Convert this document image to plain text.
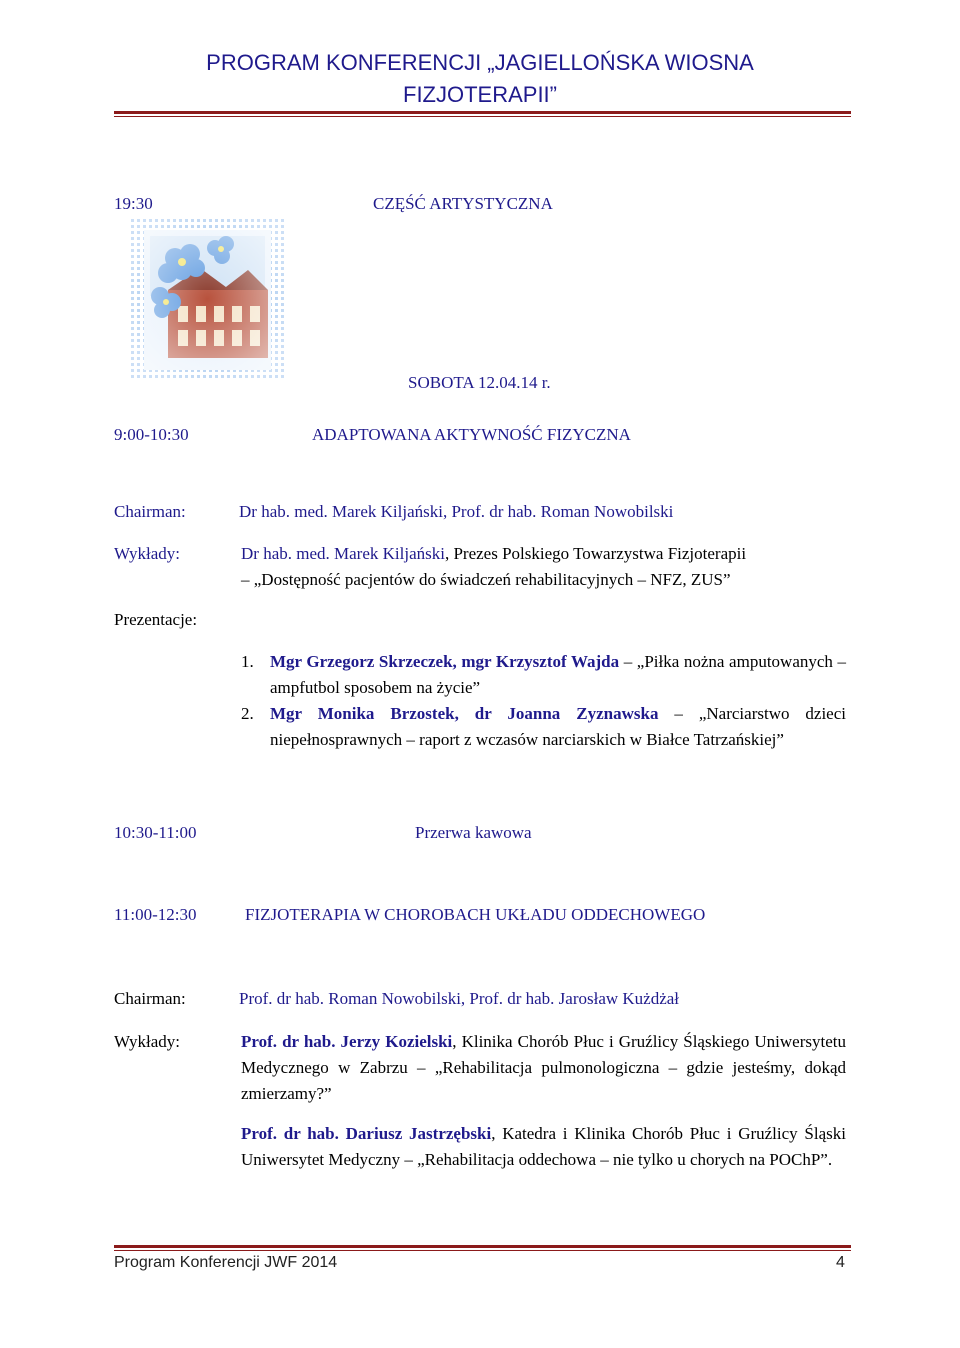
PROGRAM KONFERENCJI „JAGIELLOŃSKA WIOSNA
FIZJOTERAPII”
19:30	CZĘŚĆ ARTYSTYCZNA
SOBOTA 12.04.14 r.
9:00-10:30	ADAPTOWANA AKTYWNOŚĆ FIZYCZNA
Chairman:	Dr hab. med. Marek Kiljański, Prof. dr hab. Roman Nowobilski
Wykłady:	Dr hab. med. Marek Kiljański, Prezes Polskiego Towarzystwa Fizjoterapii
– „Dostępność pacjentów do świadczeń rehabilitacyjnych – NFZ, ZUS”
Prezentacje:
1. Mgr Grzegorz Skrzeczek, mgr Krzysztof Wajda – „Piłka nożna amputowanych – ampfutbol sposobem na życie”
2. Mgr Monika Brzostek, dr Joanna Zyznawska – „Narciarstwo dzieci niepełnosprawnych – raport z wczasów narciarskich w Białce Tatrzańskiej”
10:30-11:00	Przerwa kawowa
11:00-12:30	FIZJOTERAPIA W CHOROBACH UKŁADU ODDECHOWEGO
Chairman:	Prof. dr hab. Roman Nowobilski, Prof. dr hab. Jarosław Kużdżał
Wykłady:	Prof. dr hab. Jerzy Kozielski, Klinika Chorób Płuc i Gruźlicy Śląskiego Uniwersytetu Medycznego w Zabrzu – „Rehabilitacja pulmonologiczna – gdzie jesteśmy, dokąd zmierzamy?”
Prof. dr hab. Dariusz Jastrzębski, Katedra i Klinika Chorób Płuc i Gruźlicy Śląski Uniwersytet Medyczny – „Rehabilitacja oddechowa – nie tylko u chorych na POChP”.
Program Konferencji JWF 2014	4
